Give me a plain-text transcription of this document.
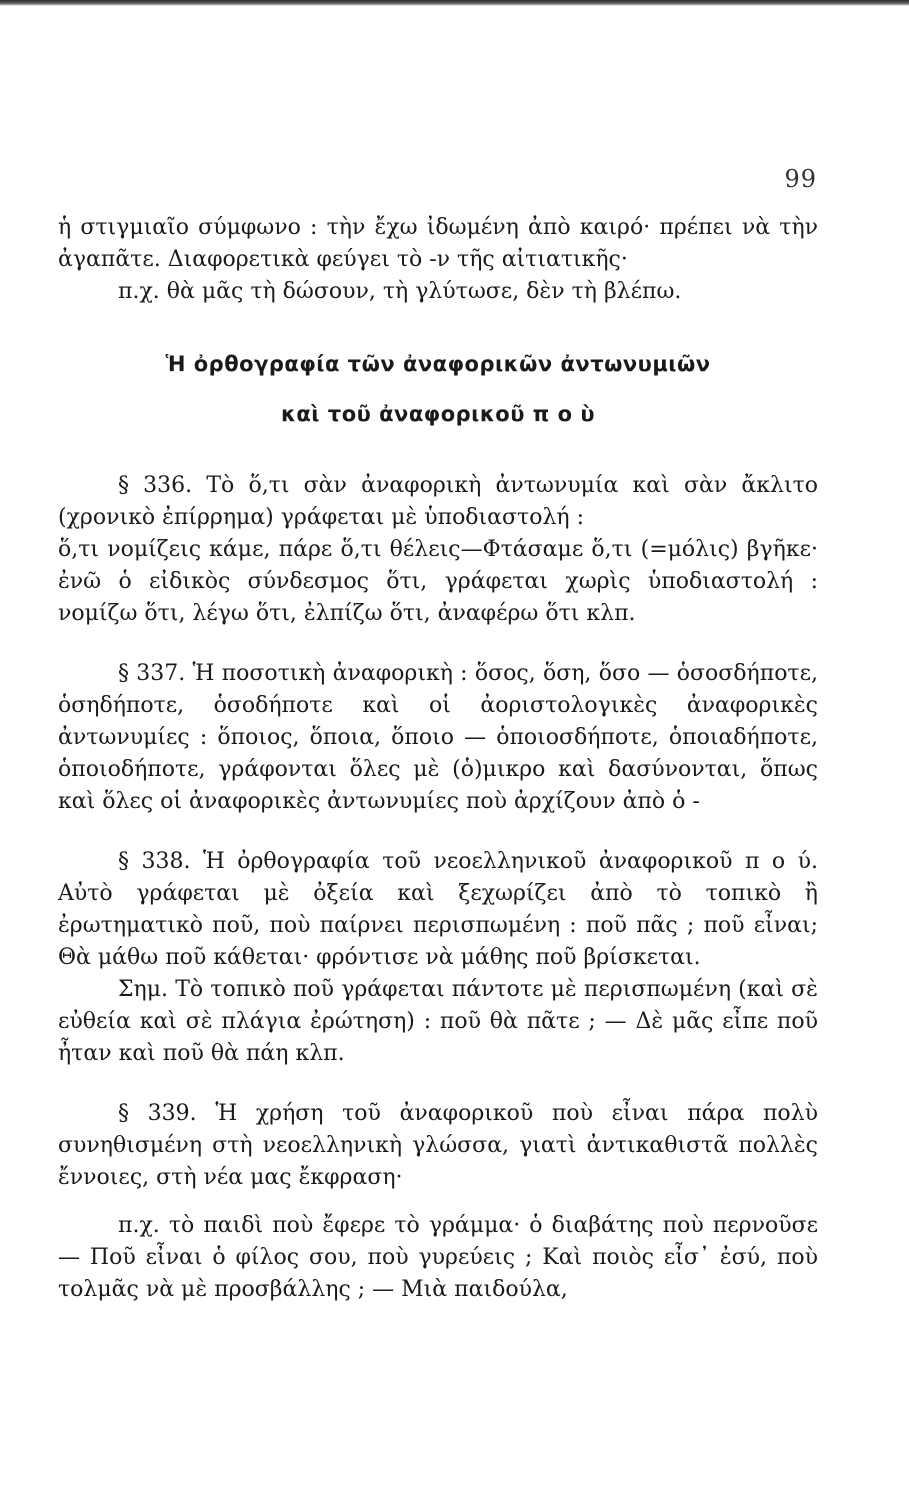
99

ἡ στιγμιαῖο σύμφωνο : τὴν ἔχω ἰδωμένη ἀπὸ καιρό· πρέπει νὰ τὴν ἀγαπᾶτε. Διαφορετικὰ φεύγει τὸ -ν τῆς αἰτιατικῆς·

π.χ. θὰ μᾶς τὴ δώσουν, τὴ γλύτωσε, δὲν τὴ βλέπω.

Ἡ ὀρθογραφία τῶν ἀναφορικῶν ἀντωνυμιῶν

καὶ τοῦ ἀναφορικοῦ π ο ὺ

§ 336. Τὸ ὅ,τι σὰν ἀναφορικὴ ἀντωνυμία καὶ σὰν ἄκλιτο (χρονικὸ ἐπίρρημα) γράφεται μὲ ὑποδιαστολή :

ὅ,τι νομίζεις κάμε, πάρε ὅ,τι θέλεις—Φτάσαμε ὅ,τι (=μόλις) βγῆκε· ἐνῶ ὁ εἰδικὸς σύνδεσμος ὅτι, γράφεται χωρὶς ὑποδιαστολή : νομίζω ὅτι, λέγω ὅτι, ἐλπίζω ὅτι, ἀναφέρω ὅτι κλπ.

§ 337. Ἡ ποσοτικὴ ἀναφορικὴ : ὅσος, ὅση, ὅσο — ὁσοσδήποτε, ὁσηδήποτε, ὁσοδήποτε καὶ οἱ ἀοριστολογικὲς ἀναφορικὲς ἀντωνυμίες : ὅποιος, ὅποια, ὅποιο — ὁποιοσδήποτε, ὁποιαδήποτε, ὁποιοδήποτε, γράφονται ὅλες μὲ (ὁ)μικρο καὶ δασύνονται, ὅπως καὶ ὅλες οἱ ἀναφορικὲς ἀντωνυμίες ποὺ ἀρχίζουν ἀπὸ ὁ -

§ 338. Ἡ ὀρθογραφία τοῦ νεοελληνικοῦ ἀναφορικοῦ π ο ύ. Αὐτὸ γράφεται μὲ ὀξεία καὶ ξεχωρίζει ἀπὸ τὸ τοπικὸ ἢ ἐρωτηματικὸ ποῦ, ποὺ παίρνει περισπωμένη : ποῦ πᾶς ; ποῦ εἶναι; Θὰ μάθω ποῦ κάθεται· φρόντισε νὰ μάθης ποῦ βρίσκεται.

Σημ. Τὸ τοπικὸ ποῦ γράφεται πάντοτε μὲ περισπωμένη (καὶ σὲ εὐθεία καὶ σὲ πλάγια ἐρώτηση) : ποῦ θὰ πᾶτε ; — Δὲ μᾶς εἶπε ποῦ ἦταν καὶ ποῦ θὰ πάη κλπ.

§ 339. Ἡ χρήση τοῦ ἀναφορικοῦ ποὺ εἶναι πάρα πολὺ συνηθισμένη στὴ νεοελληνικὴ γλώσσα, γιατὶ ἀντικαθιστᾶ πολλὲς ἔννοιες, στὴ νέα μας ἔκφραση·

π.χ. τὸ παιδὶ ποὺ ἔφερε τὸ γράμμα· ὁ διαβάτης ποὺ περνοῦσε — Ποῦ εἶναι ὁ φίλος σου, ποὺ γυρεύεις ; Καὶ ποιὸς εἶσ᾿ ἐσύ, ποὺ τολμᾶς νὰ μὲ προσβάλλης ; — Μιὰ παιδούλα,
